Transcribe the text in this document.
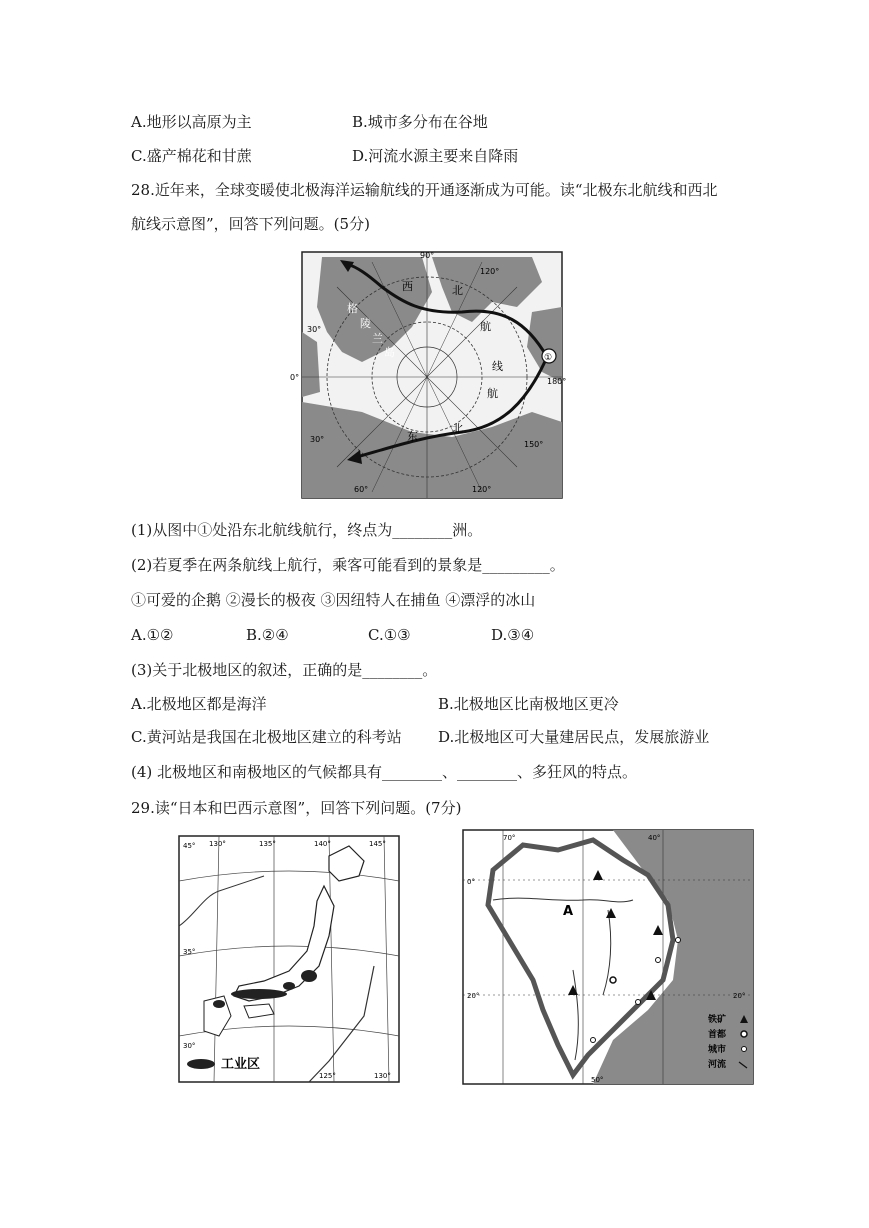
A.地形以高原为主	B.城市多分布在谷地
C.盛产棉花和甘蔗	D.河流水源主要来自降雨
28.近年来，全球变暖使北极海洋运输航线的开通逐渐成为可能。读“北极东北航线和西北
航线示意图”，回答下列问题。(5分)
90°
120°
180°
150°
120°
60°
30°
0°
30°
格
陵
兰
岛
西	北
航
线
航
北
东
①
(1)从图中①处沿东北航线航行，终点为________洲。
(2)若夏季在两条航线上航行，乘客可能看到的景象是_________。
①可爱的企鹅 ②漫长的极夜 ③因纽特人在捕鱼 ④漂浮的冰山
A.①②	B.②④	C.①③	D.③④
(3)关于北极地区的叙述，正确的是________。
A.北极地区都是海洋	B.北极地区比南极地区更冷
C.黄河站是我国在北极地区建立的科考站 D.北极地区可大量建居民点，发展旅游业
(4) 北极地区和南极地区的气候都具有________、________、多狂风的特点。
29.读“日本和巴西示意图”，回答下列问题。(7分)
工业区
130°	135°	140°	145°
45°
35°
30°
125°	130°
A
70°	40°
0°
20°	20°
50°
铁矿
首都
城市
河流
